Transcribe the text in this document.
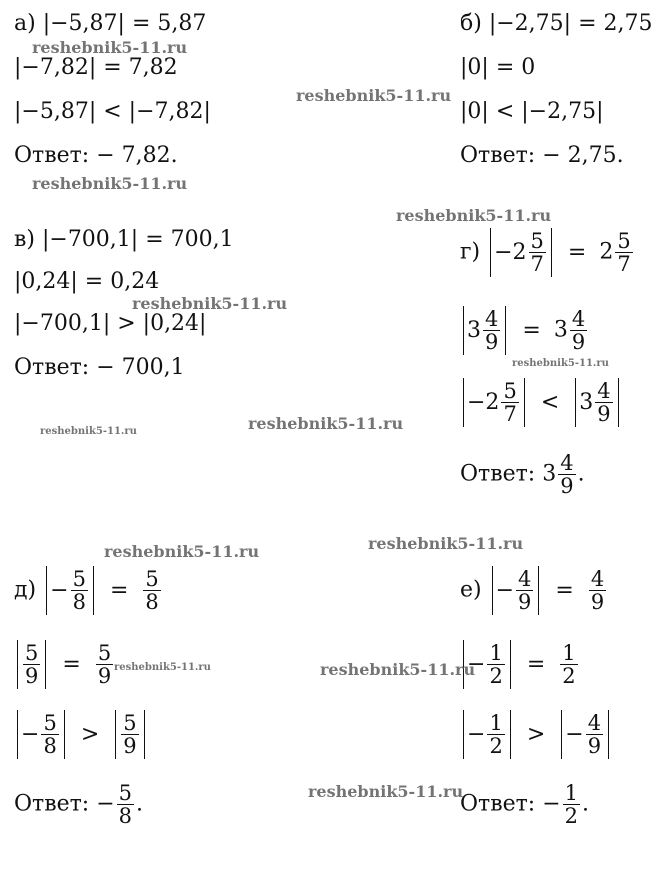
а) |−5,87| = 5,87
|−7,82| = 7,82
|−5,87| < |−7,82|
Ответ: − 7,82.
б) |−2,75| = 2,75
|0| = 0
|0| < |−2,75|
Ответ: − 2,75.
в) |−700,1| = 700,1
|0,24| = 0,24
|−700,1| > |0,24|
Ответ: − 700,1
$г) -2 \frac{5}{7} = 2 \frac{5}{7}$
$3 \frac{4}{9} = 3 \frac{4}{9}$
$-2 \frac{5}{7} < 3 \frac{4}{9}$
Ответ: $3 \frac{4}{9}$ .
$д) - \frac{5}{8} = \frac{5}{8}$
$\frac{5}{9} = \frac{5}{9}$
− $\frac{5}{8} > \frac{5}{9}$
Ответ: − $\frac{5}{8}$ .
$е) - \frac{4}{9} = \frac{4}{9}$
− $\frac{1}{2} = \frac{1}{2}$
− $\frac{1}{2}$ > − $\frac{4}{9}$
Ответ: − $\frac{1}{2}$ .
reshebnik5-11.ru
reshebnik5-11.ru
reshebnik5-11.ru
reshebnik5-11.ru
reshebnik5-11.ru
reshebnik5-11.ru
reshebnik5-11.ru	reshebnik5-11.ru
reshebnik5-11.ru
reshebnik5-11.ru
reshebnik5-11.ru	reshebnik5-11.ru
reshebnik5-11.ru
